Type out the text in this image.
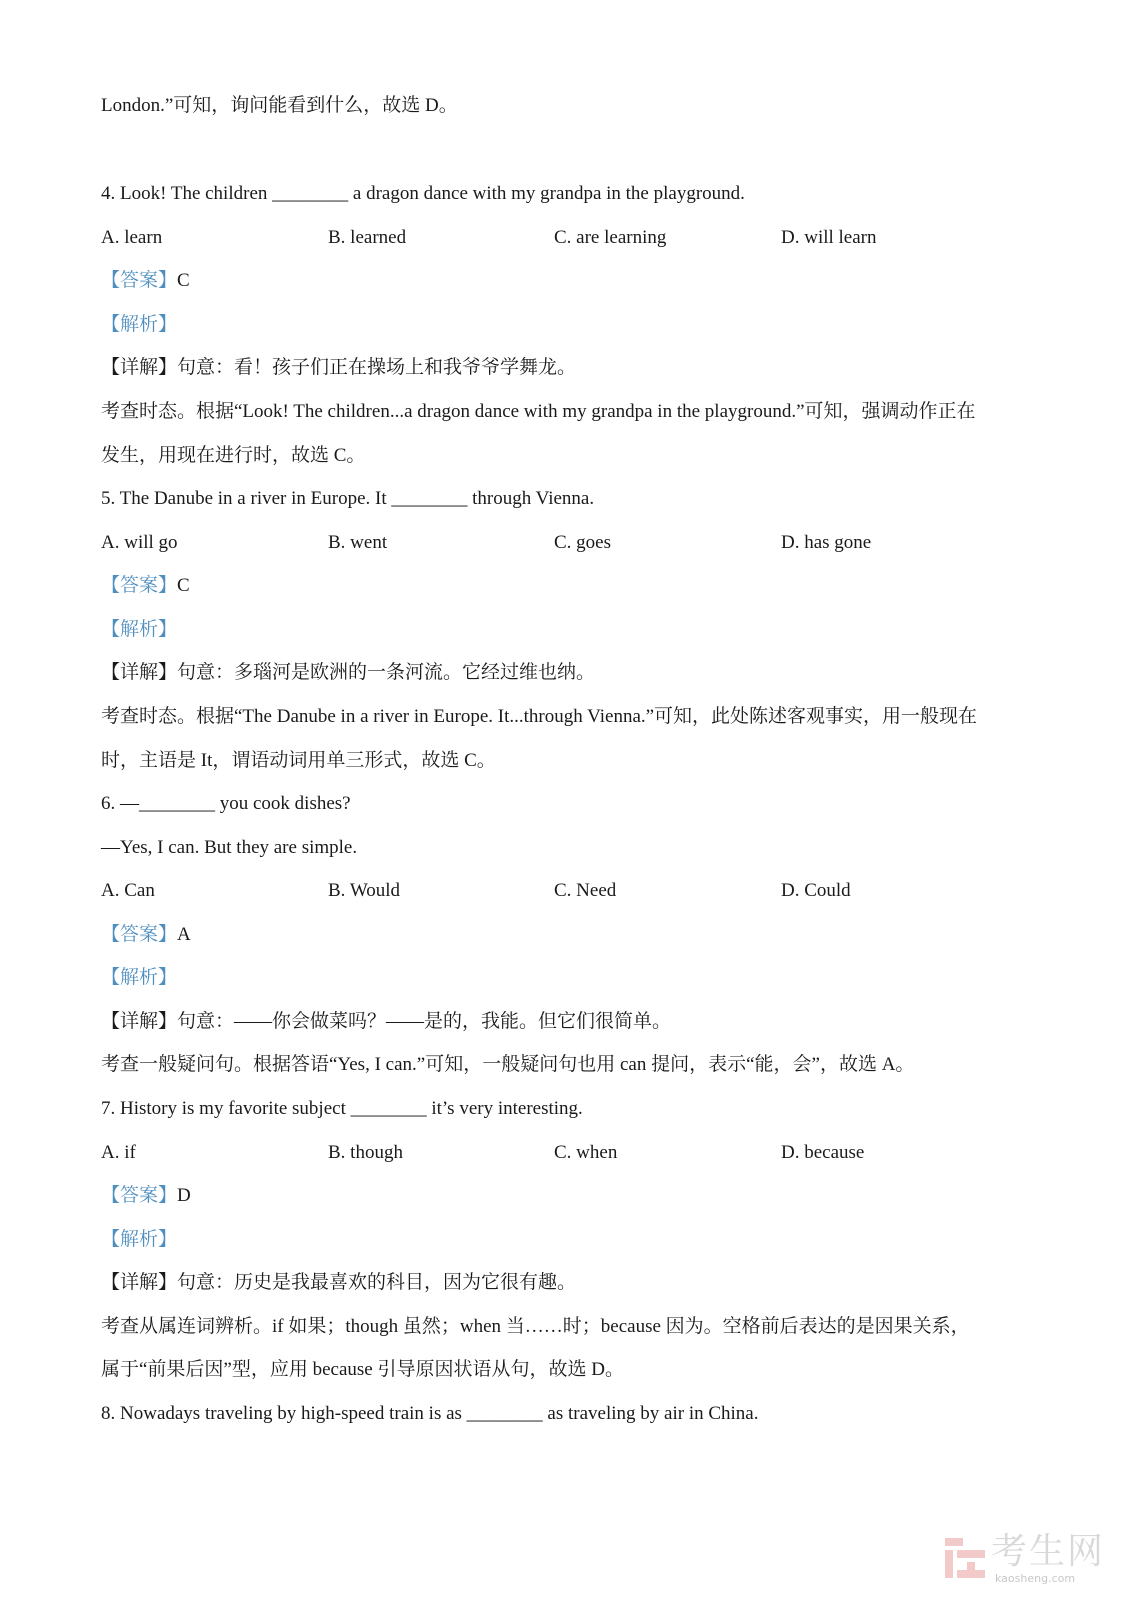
London.”可知，询问能看到什么，故选 D。
4. Look! The children ________ a dragon dance with my grandpa in the playground.
A. learn	B. learned	C. are learning	D. will learn
【答案】C
【解析】
【详解】句意：看！孩子们正在操场上和我爷爷学舞龙。
考查时态。根据“Look! The children...a dragon dance with my grandpa in the playground.”可知，强调动作正在
发生，用现在进行时，故选 C。
5. The Danube in a river in Europe. It ________ through Vienna.
A. will go	B. went	C. goes	D. has gone
【答案】C
【解析】
【详解】句意：多瑙河是欧洲的一条河流。它经过维也纳。
考查时态。根据“The Danube in a river in Europe. It...through Vienna.”可知，此处陈述客观事实，用一般现在
时，主语是 It，谓语动词用单三形式，故选 C。
6. —________ you cook dishes?
—Yes, I can. But they are simple.
A. Can	B. Would	C. Need	D. Could
【答案】A
【解析】
【详解】句意：——你会做菜吗？——是的，我能。但它们很简单。
考查一般疑问句。根据答语“Yes, I can.”可知，一般疑问句也用 can 提问，表示“能，会”，故选 A。
7. History is my favorite subject ________ it’s very interesting.
A. if	B. though	C. when	D. because
【答案】D
【解析】
【详解】句意：历史是我最喜欢的科目，因为它很有趣。
考查从属连词辨析。if 如果；though 虽然；when 当……时；because 因为。空格前后表达的是因果关系，
属于“前果后因”型，应用 because 引导原因状语从句，故选 D。
8. Nowadays traveling by high-speed train is as ________ as traveling by air in China.
考生网
kaosheng.com
